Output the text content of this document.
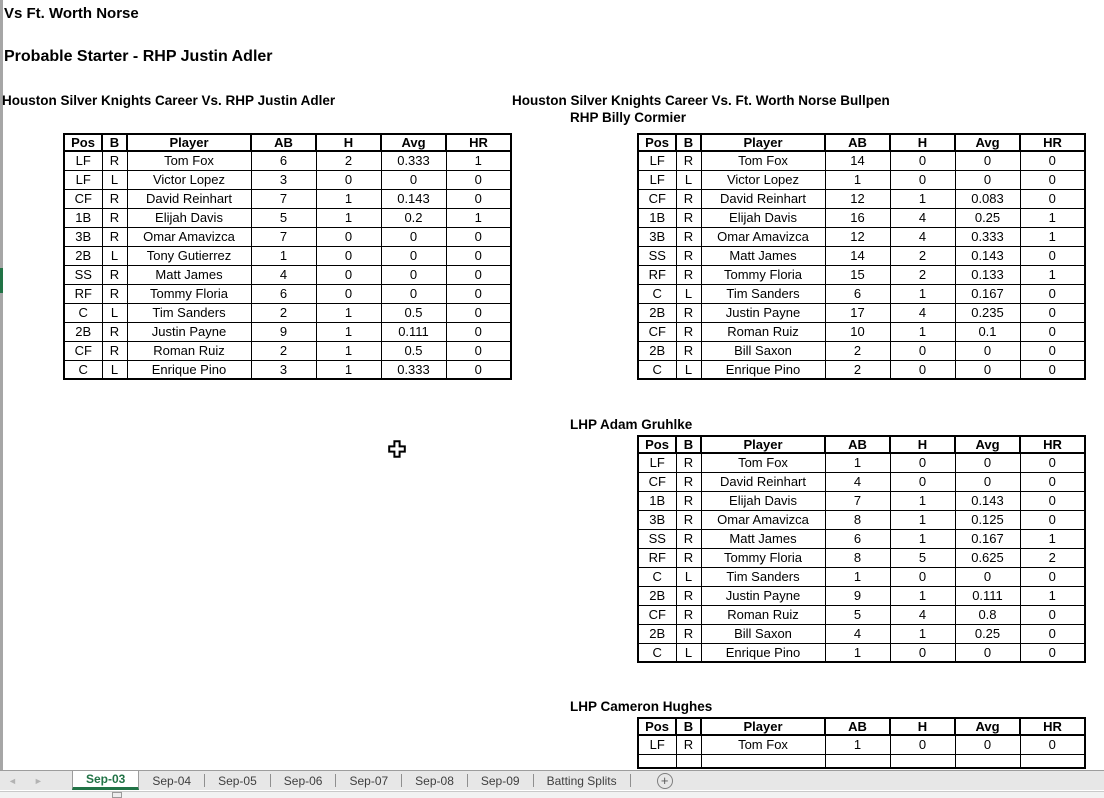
Vs Ft. Worth Norse
Probable Starter - RHP Justin Adler
Houston Silver Knights Career Vs. RHP Justin Adler	Houston Silver Knights Career Vs. Ft. Worth Norse Bullpen
RHP Billy Cormier
LHP Adam Gruhlke
LHP Cameron Hughes
Pos	B	Player	AB	H	Avg	HR
LF	R	Tom Fox	6	2	0.333	1
LF	L	Victor Lopez	3	0	0	0
CF	R	David Reinhart	7	1	0.143	0
1B	R	Elijah Davis	5	1	0.2	1
3B	R	Omar Amavizca	7	0	0	0
2B	L	Tony Gutierrez	1	0	0	0
SS	R	Matt James	4	0	0	0
RF	R	Tommy Floria	6	0	0	0
C	L	Tim Sanders	2	1	0.5	0
2B	R	Justin Payne	9	1	0.111	0
CF	R	Roman Ruiz	2	1	0.5	0
C	L	Enrique Pino	3	1	0.333	0
Pos	B	Player	AB	H	Avg	HR
LF	R	Tom Fox	14	0	0	0
LF	L	Victor Lopez	1	0	0	0
CF	R	David Reinhart	12	1	0.083	0
1B	R	Elijah Davis	16	4	0.25	1
3B	R	Omar Amavizca	12	4	0.333	1
SS	R	Matt James	14	2	0.143	0
RF	R	Tommy Floria	15	2	0.133	1
C	L	Tim Sanders	6	1	0.167	0
2B	R	Justin Payne	17	4	0.235	0
CF	R	Roman Ruiz	10	1	0.1	0
2B	R	Bill Saxon	2	0	0	0
C	L	Enrique Pino	2	0	0	0
Pos	B	Player	AB	H	Avg	HR
LF	R	Tom Fox	1	0	0	0
CF	R	David Reinhart	4	0	0	0
1B	R	Elijah Davis	7	1	0.143	0
3B	R	Omar Amavizca	8	1	0.125	0
SS	R	Matt James	6	1	0.167	1
RF	R	Tommy Floria	8	5	0.625	2
C	L	Tim Sanders	1	0	0	0
2B	R	Justin Payne	9	1	0.111	1
CF	R	Roman Ruiz	5	4	0.8	0
2B	R	Bill Saxon	4	1	0.25	0
C	L	Enrique Pino	1	0	0	0
Pos	B	Player	AB	H	Avg	HR
LF	R	Tom Fox	1	0	0	0

◄ ►	Sep-03	Sep-04	Sep-05	Sep-06	Sep-07	Sep-08	Sep-09	Batting Splits	+
